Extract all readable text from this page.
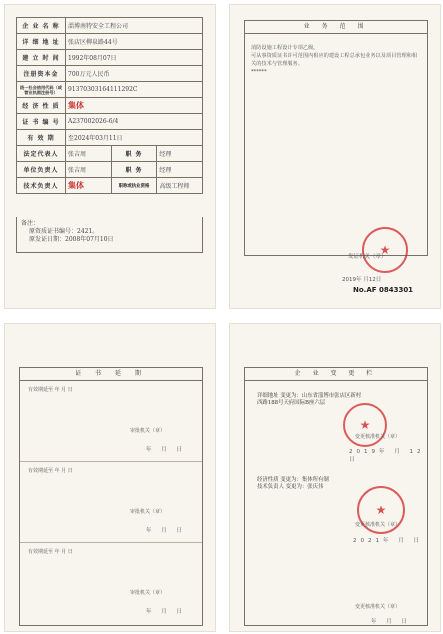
企 业 名 称	淄博南特安全工程公司		
详 细 地 址	张店区柳泉路44号		
建 立 时 间	1992年08月07日		
注册资本金	700万元人民币		
统一社会信用代码（或营业执照注册号）	91370303164111292C		
经 济 性 质	集体		
证 书 编 号	A237002026-6/4		
有 效 期	至2024年03月11日		
法定代表人	张吉周	职 务	经理
单位负责人	张吉周	职 务	经理
技术负责人	集体	职称或执业资格	高级工程师
备注：
原资质证书编号：2421。
原发证日期：2008年07月10日
业 务 范 围
消防设施工程设计专项乙级。
可从事资质证书许可范围内相应的建设工程总承包业务以及项目管理和相关的技术与管理服务。
******
★
发证机关（章）
2019年 月12日
No.AF 0843301
证 书 延 期
有效期延至 年 月 日
审批机关（章）
年 月 日
有效期延至 年 月 日
审批机关（章）
年 月 日
有效期延至 年 月 日
审批机关（章）
年 月 日
企 业 变 更 栏
详细地址 变更为：山东省淄博市张店区新村
西路188号天府国际B座六层
★
变更核准机关（章）
2019年 月 12日
经济性质 变更为：集体所有制
技术负责人 变更为：张庆伟
★
变更核准机关（章）
2021年 月 日
变更核准机关（章）
年 月 日
